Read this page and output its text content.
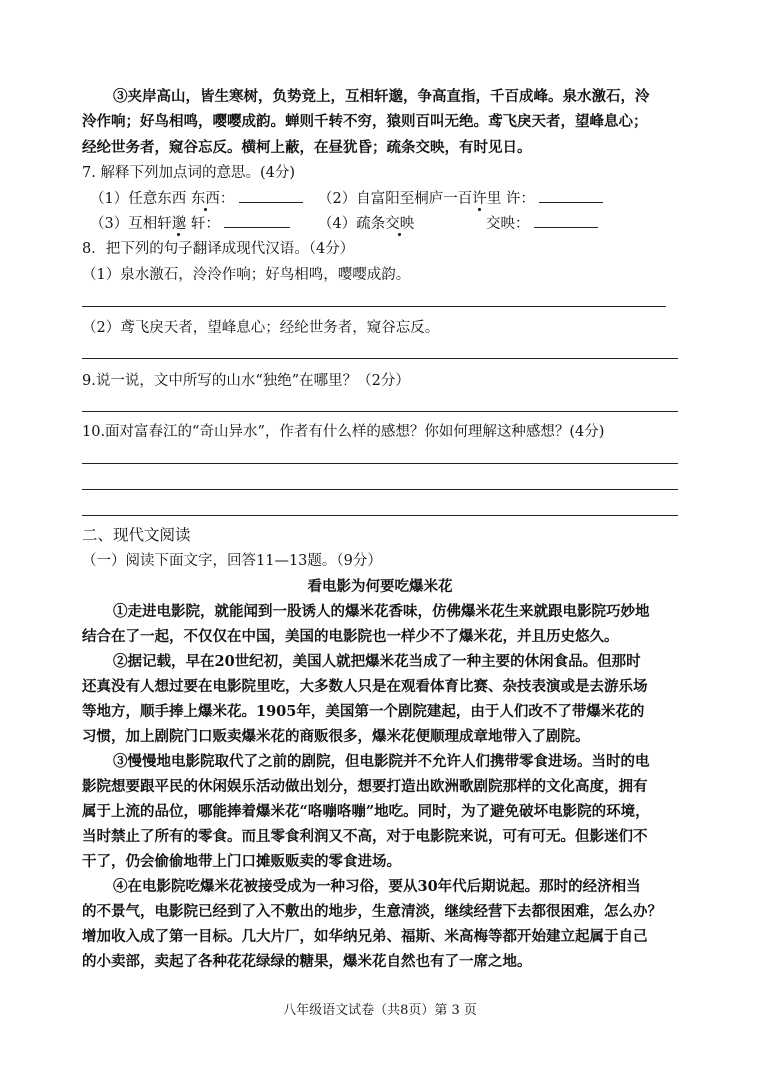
③夹岸高山，皆生寒树，负势竞上，互相轩邈，争高直指，千百成峰。泉水激石，泠
泠作响；好鸟相鸣，嘤嘤成韵。蝉则千转不穷，猿则百叫无绝。鸢飞戾天者，望峰息心；
经纶世务者，窥谷忘反。横柯上蔽，在昼犹昏；疏条交映，有时见日。
7. 解释下列加点词的意思。(4分)
（1）任意东西 东西：	（2）自富阳至桐庐一百许里 许：
（3）互相轩邈 轩：	（4）疏条交映	交映：
8．把下列的句子翻译成现代汉语。（4分）
（1）泉水激石，泠泠作响；好鸟相鸣，嘤嘤成韵。
（2）鸢飞戾天者，望峰息心；经纶世务者，窥谷忘反。
9.说一说，文中所写的山水“独绝”在哪里？（2分）
10.面对富春江的“奇山异水”，作者有什么样的感想？你如何理解这种感想？(4分)
二、现代文阅读
（一）阅读下面文字，回答11—13题。（9分）
看电影为何要吃爆米花
①走进电影院，就能闻到一股诱人的爆米花香味，仿佛爆米花生来就跟电影院巧妙地
结合在了一起，不仅仅在中国，美国的电影院也一样少不了爆米花，并且历史悠久。
②据记载，早在20世纪初，美国人就把爆米花当成了一种主要的休闲食品。但那时
还真没有人想过要在电影院里吃，大多数人只是在观看体育比赛、杂技表演或是去游乐场
等地方，顺手捧上爆米花。1905年，美国第一个剧院建起，由于人们改不了带爆米花的
习惯，加上剧院门口贩卖爆米花的商贩很多，爆米花便顺理成章地带入了剧院。
③慢慢地电影院取代了之前的剧院，但电影院并不允许人们携带零食进场。当时的电
影院想要跟平民的休闲娱乐活动做出划分，想要打造出欧洲歌剧院那样的文化高度，拥有
属于上流的品位，哪能捧着爆米花“咯嘣咯嘣”地吃。同时，为了避免破坏电影院的环境，
当时禁止了所有的零食。而且零食利润又不高，对于电影院来说，可有可无。但影迷们不
干了，仍会偷偷地带上门口摊贩贩卖的零食进场。
④在电影院吃爆米花被接受成为一种习俗，要从30年代后期说起。那时的经济相当
的不景气，电影院已经到了入不敷出的地步，生意清淡，继续经营下去都很困难，怎么办？
增加收入成了第一目标。几大片厂，如华纳兄弟、福斯、米高梅等都开始建立起属于自己
的小卖部，卖起了各种花花绿绿的糖果，爆米花自然也有了一席之地。
八年级语文试卷（共8页）第 3 页
